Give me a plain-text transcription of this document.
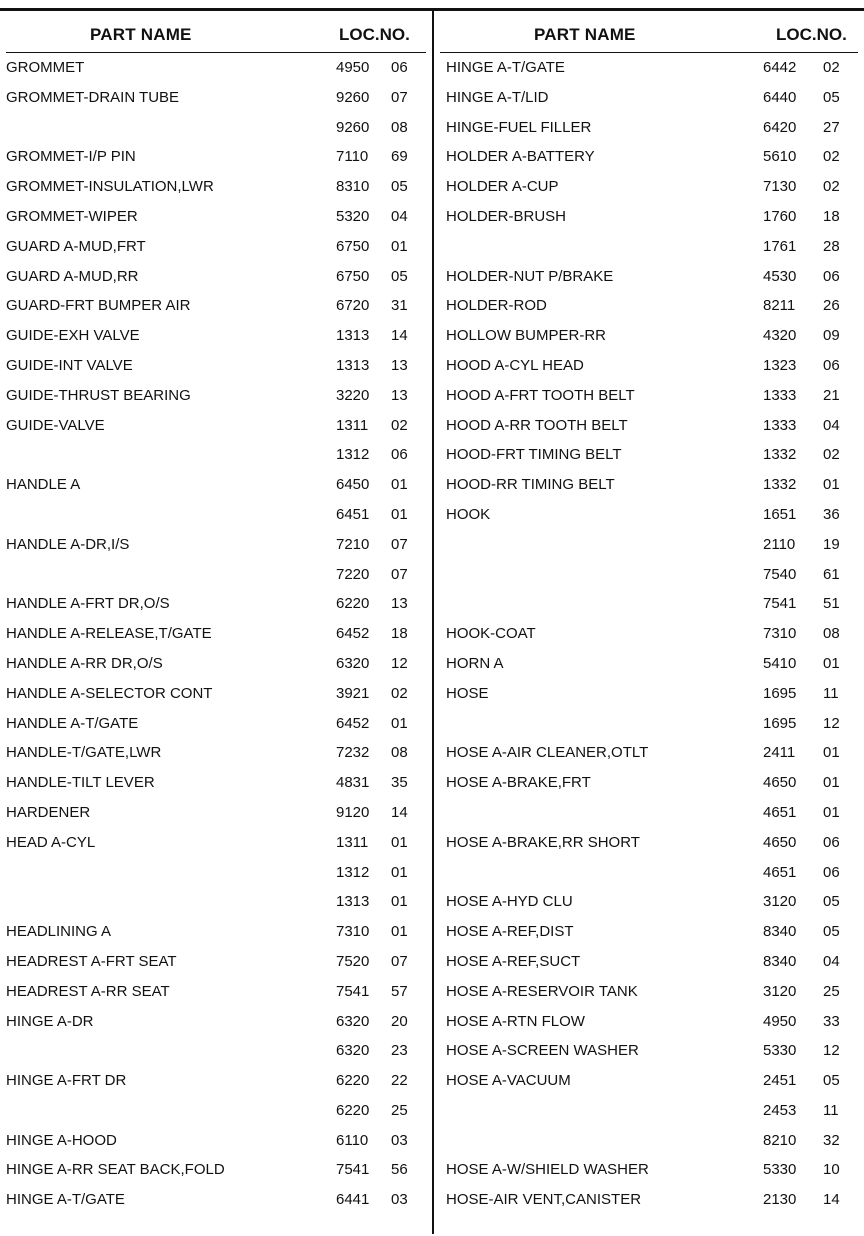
PART NAME	LOC.NO.
GROMMET	4950 06
GROMMET-DRAIN TUBE	9260 07
9260 08
GROMMET-I/P PIN	7110 69
GROMMET-INSULATION,LWR	8310 05
GROMMET-WIPER	5320 04
GUARD A-MUD,FRT	6750 01
GUARD A-MUD,RR	6750 05
GUARD-FRT BUMPER AIR	6720 31
GUIDE-EXH VALVE	1313 14
GUIDE-INT VALVE	1313 13
GUIDE-THRUST BEARING	3220 13
GUIDE-VALVE	1311 02
1312 06
HANDLE A	6450 01
6451 01
HANDLE A-DR,I/S	7210 07
7220 07
HANDLE A-FRT DR,O/S	6220 13
HANDLE A-RELEASE,T/GATE	6452 18
HANDLE A-RR DR,O/S	6320 12
HANDLE A-SELECTOR CONT	3921 02
HANDLE A-T/GATE	6452 01
HANDLE-T/GATE,LWR	7232 08
HANDLE-TILT LEVER	4831 35
HARDENER	9120 14
HEAD A-CYL	1311 01
1312 01
1313 01
HEADLINING A	7310 01
HEADREST A-FRT SEAT	7520 07
HEADREST A-RR SEAT	7541 57
HINGE A-DR	6320 20
6320 23
HINGE A-FRT DR	6220 22
6220 25
HINGE A-HOOD	6110 03
HINGE A-RR SEAT BACK,FOLD	7541 56
HINGE A-T/GATE	6441 03
PART NAME	LOC.NO.
HINGE A-T/GATE	6442 02
HINGE A-T/LID	6440 05
HINGE-FUEL FILLER	6420 27
HOLDER A-BATTERY	5610 02
HOLDER A-CUP	7130 02
HOLDER-BRUSH	1760 18
1761 28
HOLDER-NUT P/BRAKE	4530 06
HOLDER-ROD	8211 26
HOLLOW BUMPER-RR	4320 09
HOOD A-CYL HEAD	1323 06
HOOD A-FRT TOOTH BELT	1333 21
HOOD A-RR TOOTH BELT	1333 04
HOOD-FRT TIMING BELT	1332 02
HOOD-RR TIMING BELT	1332 01
HOOK	1651 36
2110 19
7540 61
7541 51
HOOK-COAT	7310 08
HORN A	5410 01
HOSE	1695 11
1695 12
HOSE A-AIR CLEANER,OTLT	2411 01
HOSE A-BRAKE,FRT	4650 01
4651 01
HOSE A-BRAKE,RR SHORT	4650 06
4651 06
HOSE A-HYD CLU	3120 05
HOSE A-REF,DIST	8340 05
HOSE A-REF,SUCT	8340 04
HOSE A-RESERVOIR TANK	3120 25
HOSE A-RTN FLOW	4950 33
HOSE A-SCREEN WASHER	5330 12
HOSE A-VACUUM	2451 05
2453 11
8210 32
HOSE A-W/SHIELD WASHER	5330 10
HOSE-AIR VENT,CANISTER	2130 14
